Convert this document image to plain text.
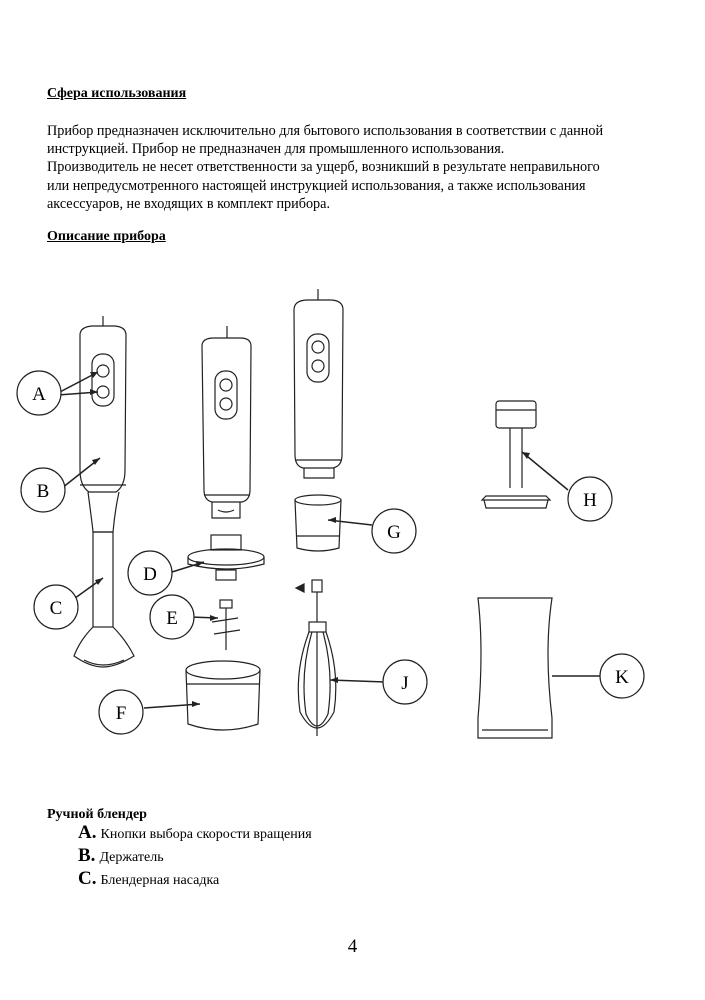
Сфера использования
Прибор предназначен исключительно для бытового использования в соответствии с данной
инструкцией. Прибор не предназначен для промышленного использования.
Производитель не несет ответственности за ущерб, возникший в результате неправильного
или непредусмотренного настоящей инструкцией использования, а также использования
аксессуаров, не входящих в комплект прибора.
Описание прибора
A
B
C
D
E
F
G
H
J	K
Ручной блендер
A. Кнопки выбора скорости вращения
B. Держатель
C. Блендерная насадка
4
